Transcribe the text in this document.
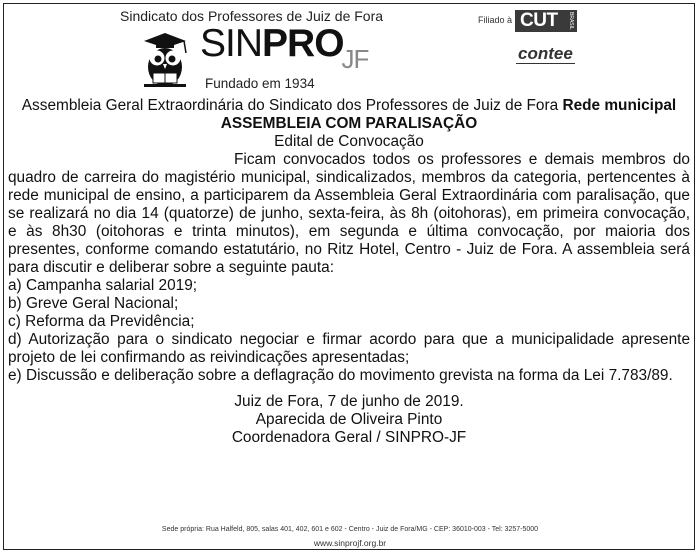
Sindicato dos Professores de Juiz de Fora
$SINPRO_{JF}$
Fundado em 1934
Filiado à CUT	BRASIL
contee
Assembleia Geral Extraordinária do Sindicato dos Professores de Juiz de Fora Rede municipal
ASSEMBLEIA COM PARALISAÇÃO
Edital de Convocação
Ficam convocados todos os professores e demais membros do quadro de carreira do magistério municipal, sindicalizados, membros da categoria, pertencentes à rede municipal de ensino, a participarem da Assembleia Geral Extraordinária com paralisação, que se realizará no dia 14 (quatorze) de junho, sexta-feira, às 8h (oitohoras), em primeira convocação, e às 8h30 (oitohoras e trinta minutos), em segunda e última convocação, por maioria dos presentes, conforme comando estatutário, no Ritz Hotel, Centro - Juiz de Fora. A assembleia será para discutir e deliberar sobre a seguinte pauta:
a) Campanha salarial 2019;
b) Greve Geral Nacional;
c) Reforma da Previdência;
d) Autorização para o sindicato negociar e firmar acordo para que a municipalidade apresente projeto de lei confirmando as reivindicações apresentadas;
e) Discussão e deliberação sobre a deflagração do movimento grevista na forma da Lei 7.783/89.
Juiz de Fora, 7 de junho de 2019.
Aparecida de Oliveira Pinto
Coordenadora Geral / SINPRO-JF
Sede própria: Rua Halfeld, 805, salas 401, 402, 601 e 602 - Centro - Juiz de Fora/MG - CEP: 36010-003 - Tel: 3257-5000
www.sinprojf.org.br
